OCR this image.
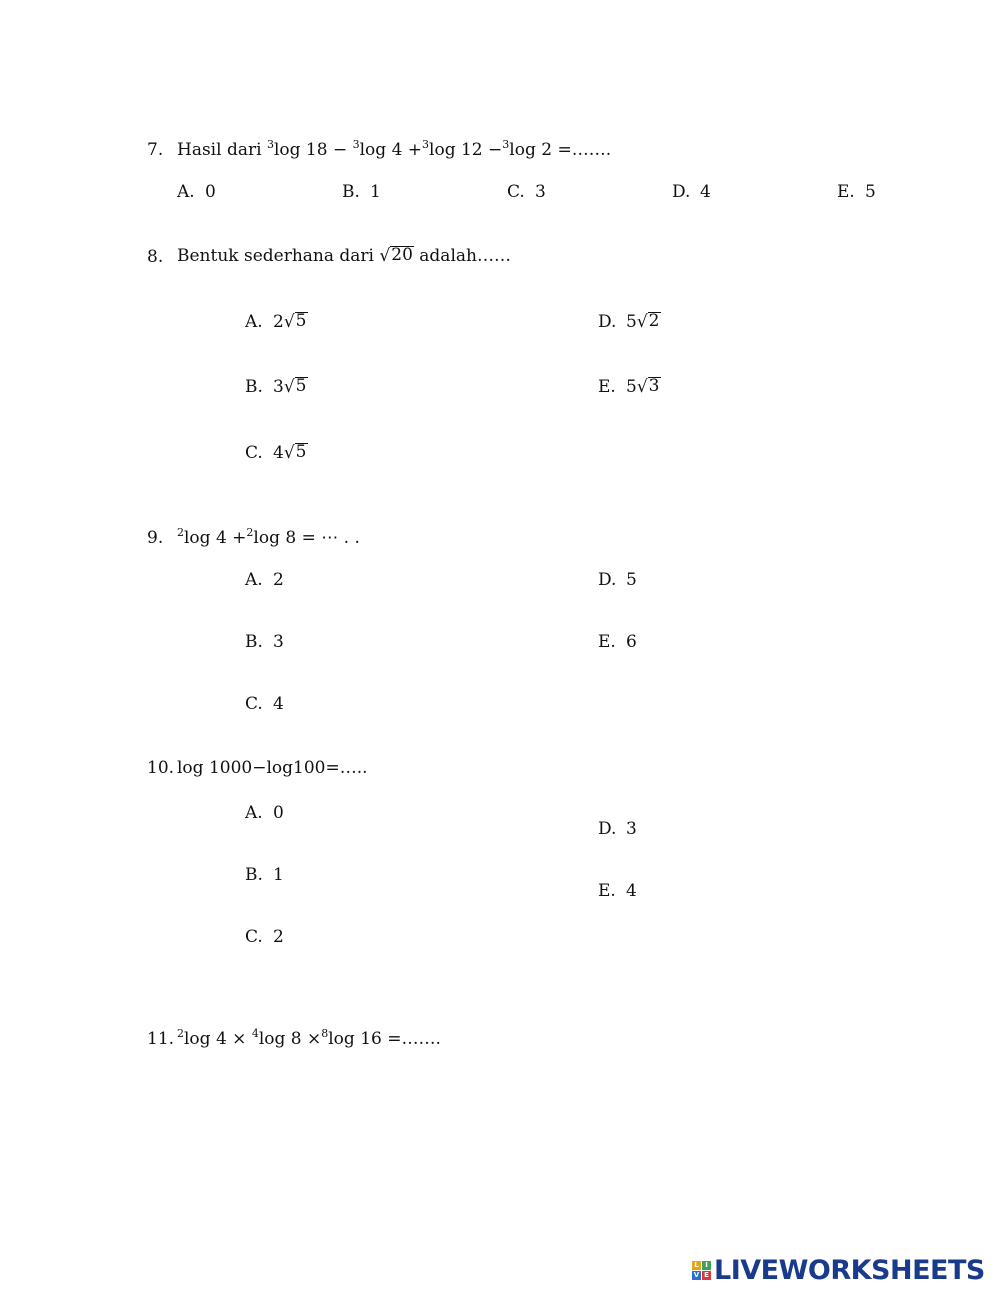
7. Hasil dari $^3$log 18 − $^3$log 4 +$^3$log 12 −$^3$log 2 =…….
A. 0	B. 1	C. 3	D. 4	E. 5
8. Bentuk sederhana dari √ 20 adalah……
A. 2 √ 5
B. 3 √ 5
C. 4 √ 5
D. 5 √ 2
E. 5 √ 3
9. $^2$log 4 +$^2$log 8 = ⋯ . .
A. 2
B. 3
C. 4
D. 5
E. 6
10. log 1000−log100=…..
A. 0
B. 1
C. 2
D. 3
E. 4
11. $^2$log 4 × $^4$log 8 ×$^8$log 16 =…….
L I
V E LIVEWORKSHEETS
